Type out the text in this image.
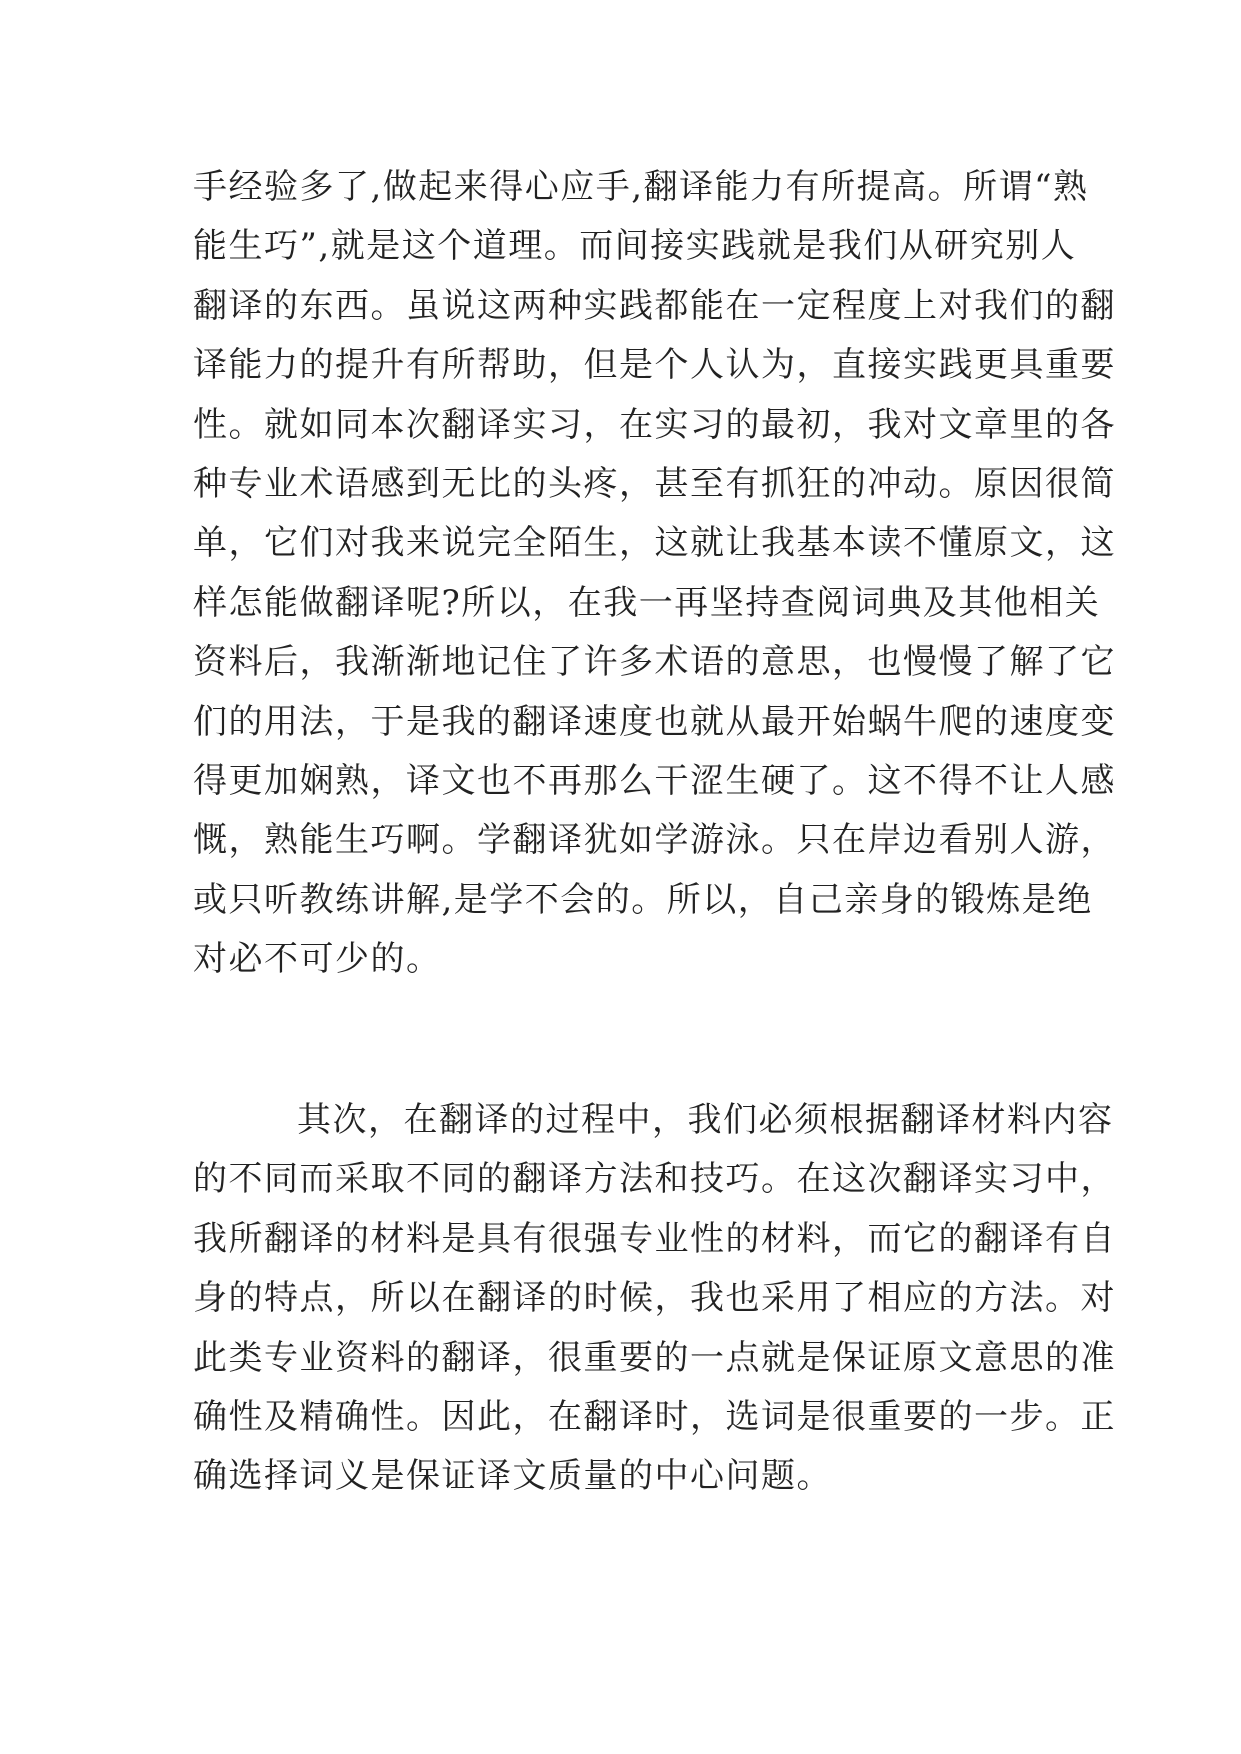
手经验多了,做起来得心应手,翻译能力有所提高。所谓“熟
能生巧”,就是这个道理。而间接实践就是我们从研究别人
翻译的东西。虽说这两种实践都能在一定程度上对我们的翻
译能力的提升有所帮助，但是个人认为，直接实践更具重要
性。就如同本次翻译实习，在实习的最初，我对文章里的各
种专业术语感到无比的头疼，甚至有抓狂的冲动。原因很简
单，它们对我来说完全陌生，这就让我基本读不懂原文，这
样怎能做翻译呢?所以，在我一再坚持查阅词典及其他相关
资料后，我渐渐地记住了许多术语的意思，也慢慢了解了它
们的用法，于是我的翻译速度也就从最开始蜗牛爬的速度变
得更加娴熟，译文也不再那么干涩生硬了。这不得不让人感
慨，熟能生巧啊。学翻译犹如学游泳。只在岸边看别人游，
或只听教练讲解,是学不会的。所以，自己亲身的锻炼是绝
对必不可少的。
其次，在翻译的过程中，我们必须根据翻译材料内容
的不同而采取不同的翻译方法和技巧。在这次翻译实习中，
我所翻译的材料是具有很强专业性的材料，而它的翻译有自
身的特点，所以在翻译的时候，我也采用了相应的方法。对
此类专业资料的翻译，很重要的一点就是保证原文意思的准
确性及精确性。因此，在翻译时，选词是很重要的一步。正
确选择词义是保证译文质量的中心问题。
